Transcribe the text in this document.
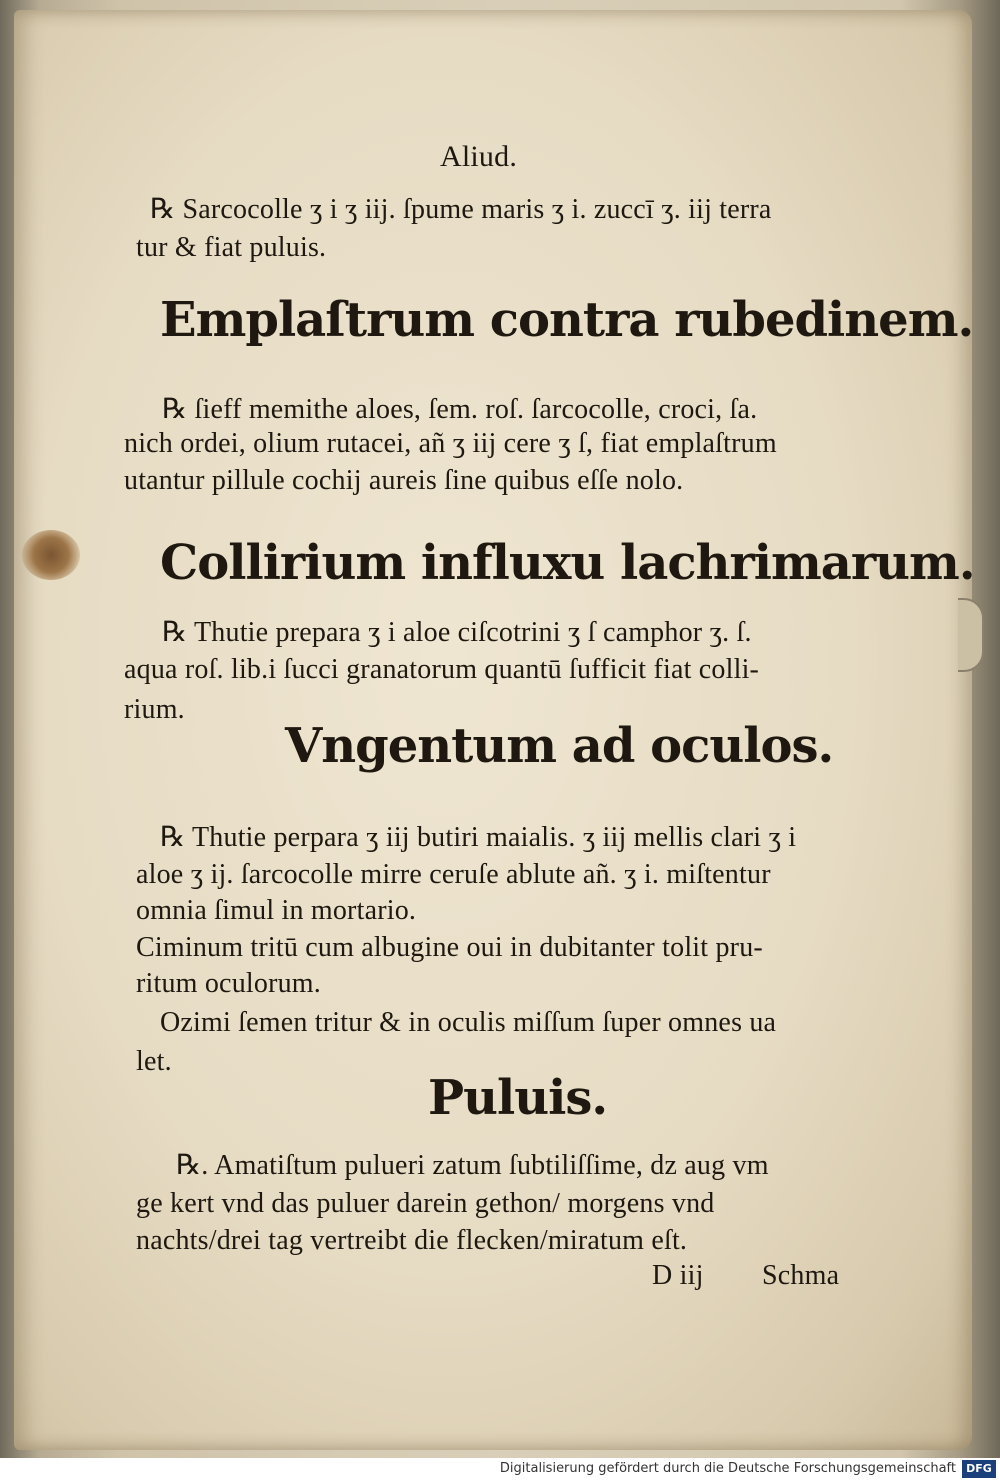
Aliud.
℞ Sarcocolle ʒ i ʒ iij. ſpume maris ʒ i. zuccī ʒ. iij terra
tur & fiat puluis.
Emplaſtrum contra rubedinem.
℞ ſieff memithe aloes, ſem. roſ. ſarcocolle, croci, ſa.
nich ordei, olium rutacei, añ ʒ iij cere ʒ ſ, fiat emplaſtrum
utantur pillule cochij aureis ſine quibus eſſe nolo.
Collirium influxu lachrimarum.
℞ Thutie prepara ʒ i aloe ciſcotrini ʒ ſ camphor ʒ. ſ.
aqua roſ. lib.i ſucci granatorum quantū ſufficit fiat colli-
rium.
Vngentum ad oculos.
℞ Thutie perpara ʒ iij butiri maialis. ʒ iij mellis clari ʒ i
aloe ʒ ij. ſarcocolle mirre ceruſe ablute añ. ʒ i. miſtentur
omnia ſimul in mortario.
Ciminum tritū cum albugine oui in dubitanter tolit pru-
ritum oculorum.
Ozimi ſemen tritur & in oculis miſſum ſuper omnes ua
let.
Puluis.
℞. Amatiſtum pulueri zatum ſubtiliſſime, dz aug vm
ge kert vnd das puluer darein gethon/ morgens vnd
nachts/drei tag vertreibt die flecken/miratum eſt.
D iij Schma
Digitalisierung gefördert durch die Deutsche Forschungsgemeinschaft DFG
